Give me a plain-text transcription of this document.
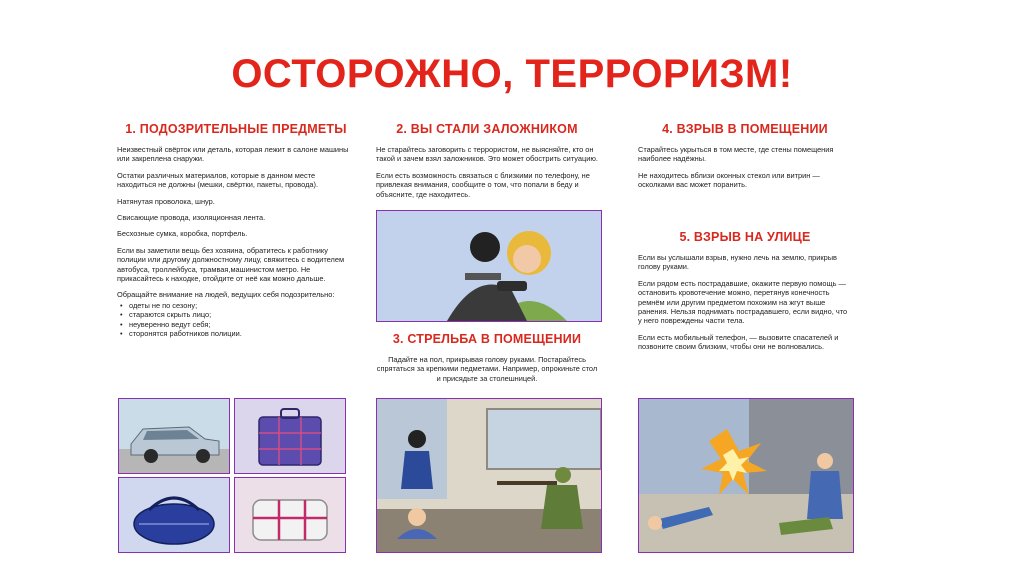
ОСТОРОЖНО, ТЕРРОРИЗМ!
1. ПОДОЗРИТЕЛЬНЫЕ ПРЕДМЕТЫ

Неизвестный свёрток или деталь, которая лежит в салоне машины или закреплена снаружи.

Остатки различных материалов, которые в данном месте находиться не должны (мешки, свёртки, пакеты, провода).

Натянутая проволока, шнур.

Свисающие провода, изоляционная лента.

Бесхозные сумка, коробка, портфель.

Если вы заметили вещь без хозяина, обратитесь к работнику полиции или другому должностному лицу, свяжитесь с водителем автобуса, троллейбуса, трамвая,машинистом метро. Не прикасайтесь к находке, отойдите от неё как можно дальше.

Обращайте внимание на людей, ведущих себя подозрительно:

• одеты не по сезону;
• стараются скрыть лицо;
• неуверенно ведут себя;
• сторонятся работников полиции.
2. ВЫ СТАЛИ ЗАЛОЖНИКОМ

Не старайтесь заговорить с террористом, не выясняйте, кто он такой и зачем взял заложников. Это может обострить ситуацию.

Если есть возможность связаться с близкими по телефону, не привлекая внимания, сообщите о том, что попали в беду и объясните, где находитесь.

3. СТРЕЛЬБА В ПОМЕЩЕНИИ

Падайте на пол, прикрывая голову руками. Постарайтесь спрятаться за крепкими педметами. Например, опрокиньте стол и присядьте за столешницей.

4. ВЗРЫВ В ПОМЕЩЕНИИ

Старайтесь укрыться в том месте, где стены помещения наиболее надёжны.

Не находитесь вблизи оконных стекол или витрин — осколками вас может поранить.

5. ВЗРЫВ НА УЛИЦЕ

Если вы услышали взрыв, нужно лечь на землю, прикрыв голову руками.

Если рядом есть пострадавшие, окажите первую помощь — остановить кровотечение можно, перетянув конечность ремнём или другим предметом похожим на жгут выше ранения. Нельзя поднимать пострадавшего, если видно, что у него повреждены части тела.

Если есть мобильный телефон, — вызовите спасателей и позвоните своим близким, чтобы они не волновались.
